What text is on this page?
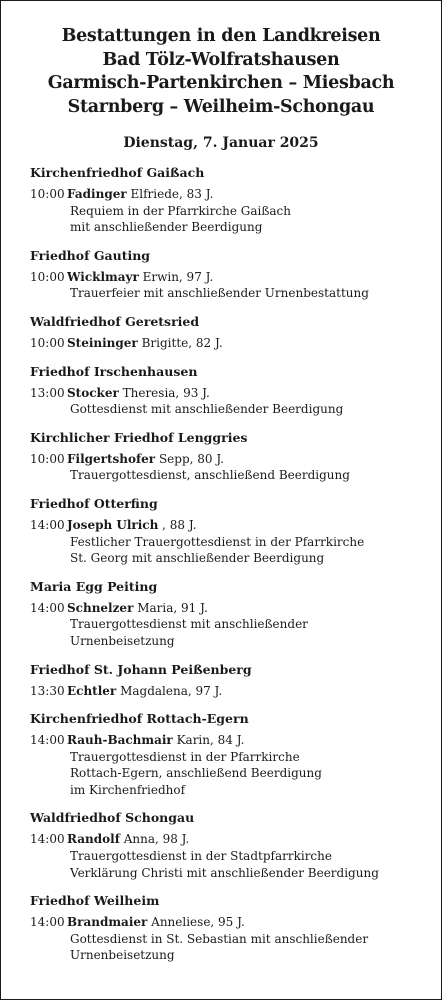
Bestattungen in den Landkreisen
Bad Tölz-Wolfratshausen
Garmisch-Partenkirchen – Miesbach
Starnberg – Weilheim-Schongau
Dienstag, 7. Januar 2025
Kirchenfriedhof Gaißach
10:00 Fadinger Elfriede, 83 J.
Requiem in der Pfarrkirche Gaißach
mit anschließender Beerdigung
Friedhof Gauting
10:00 Wicklmayr Erwin, 97 J.
Trauerfeier mit anschließender Urnenbestattung
Waldfriedhof Geretsried
10:00 Steininger Brigitte, 82 J.
Friedhof Irschenhausen
13:00 Stocker Theresia, 93 J.
Gottesdienst mit anschließender Beerdigung
Kirchlicher Friedhof Lenggries
10:00 Filgertshofer Sepp, 80 J.
Trauergottesdienst, anschließend Beerdigung
Friedhof Otterfing
14:00 Joseph Ulrich , 88 J.
Festlicher Trauergottesdienst in der Pfarrkirche
St. Georg mit anschließender Beerdigung
Maria Egg Peiting
14:00 Schnelzer Maria, 91 J.
Trauergottesdienst mit anschließender
Urnenbeisetzung
Friedhof St. Johann Peißenberg
13:30 Echtler Magdalena, 97 J.
Kirchenfriedhof Rottach-Egern
14:00 Rauh-Bachmair Karin, 84 J.
Trauergottesdienst in der Pfarrkirche
Rottach-Egern, anschließend Beerdigung
im Kirchenfriedhof
Waldfriedhof Schongau
14:00 Randolf Anna, 98 J.
Trauergottesdienst in der Stadtpfarrkirche
Verklärung Christi mit anschließender Beerdigung
Friedhof Weilheim
14:00 Brandmaier Anneliese, 95 J.
Gottesdienst in St. Sebastian mit anschließender
Urnenbeisetzung
